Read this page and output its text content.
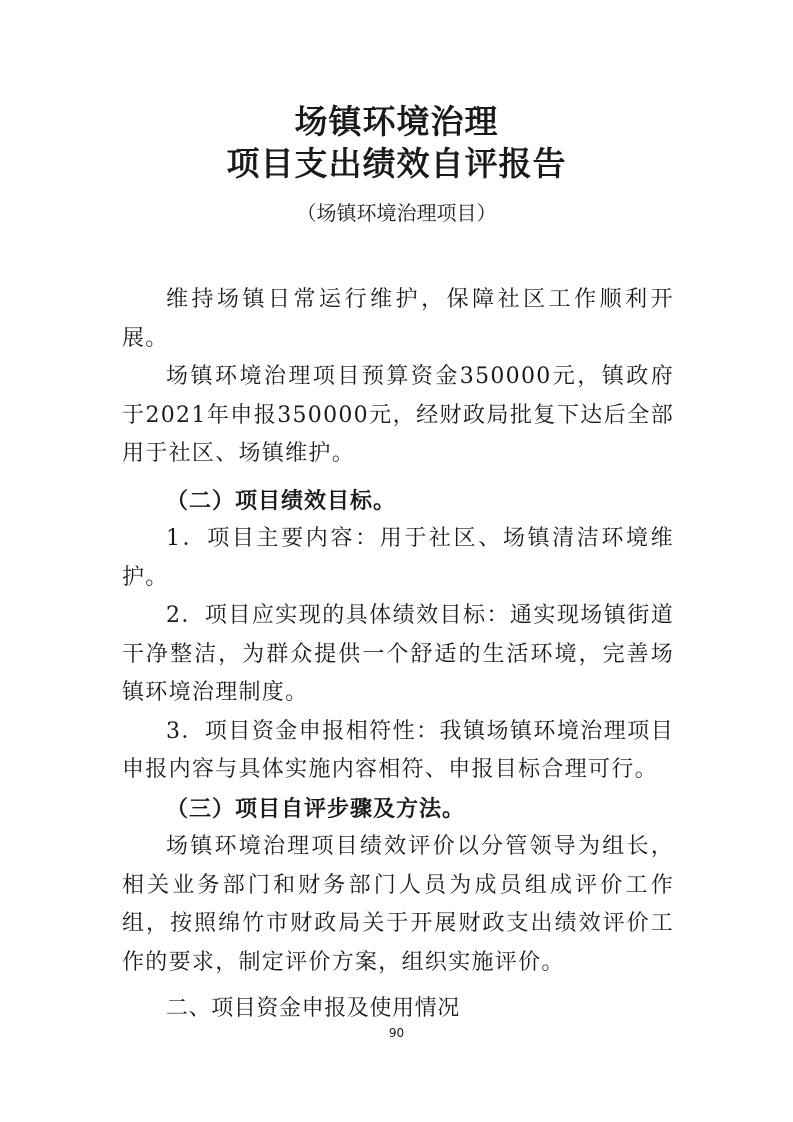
场镇环境治理
项目支出绩效自评报告
（场镇环境治理项目）

维持场镇日常运行维护，保障社区工作顺利开展。

场镇环境治理项目预算资金350000元，镇政府于2021年申报350000元，经财政局批复下达后全部用于社区、场镇维护。

（二）项目绩效目标。

1．项目主要内容：用于社区、场镇清洁环境维护。

2．项目应实现的具体绩效目标：通实现场镇街道干净整洁，为群众提供一个舒适的生活环境，完善场镇环境治理制度。

3．项目资金申报相符性：我镇场镇环境治理项目申报内容与具体实施内容相符、申报目标合理可行。

（三）项目自评步骤及方法。

场镇环境治理项目绩效评价以分管领导为组长，相关业务部门和财务部门人员为成员组成评价工作组，按照绵竹市财政局关于开展财政支出绩效评价工作的要求，制定评价方案，组织实施评价。

二、项目资金申报及使用情况

90
